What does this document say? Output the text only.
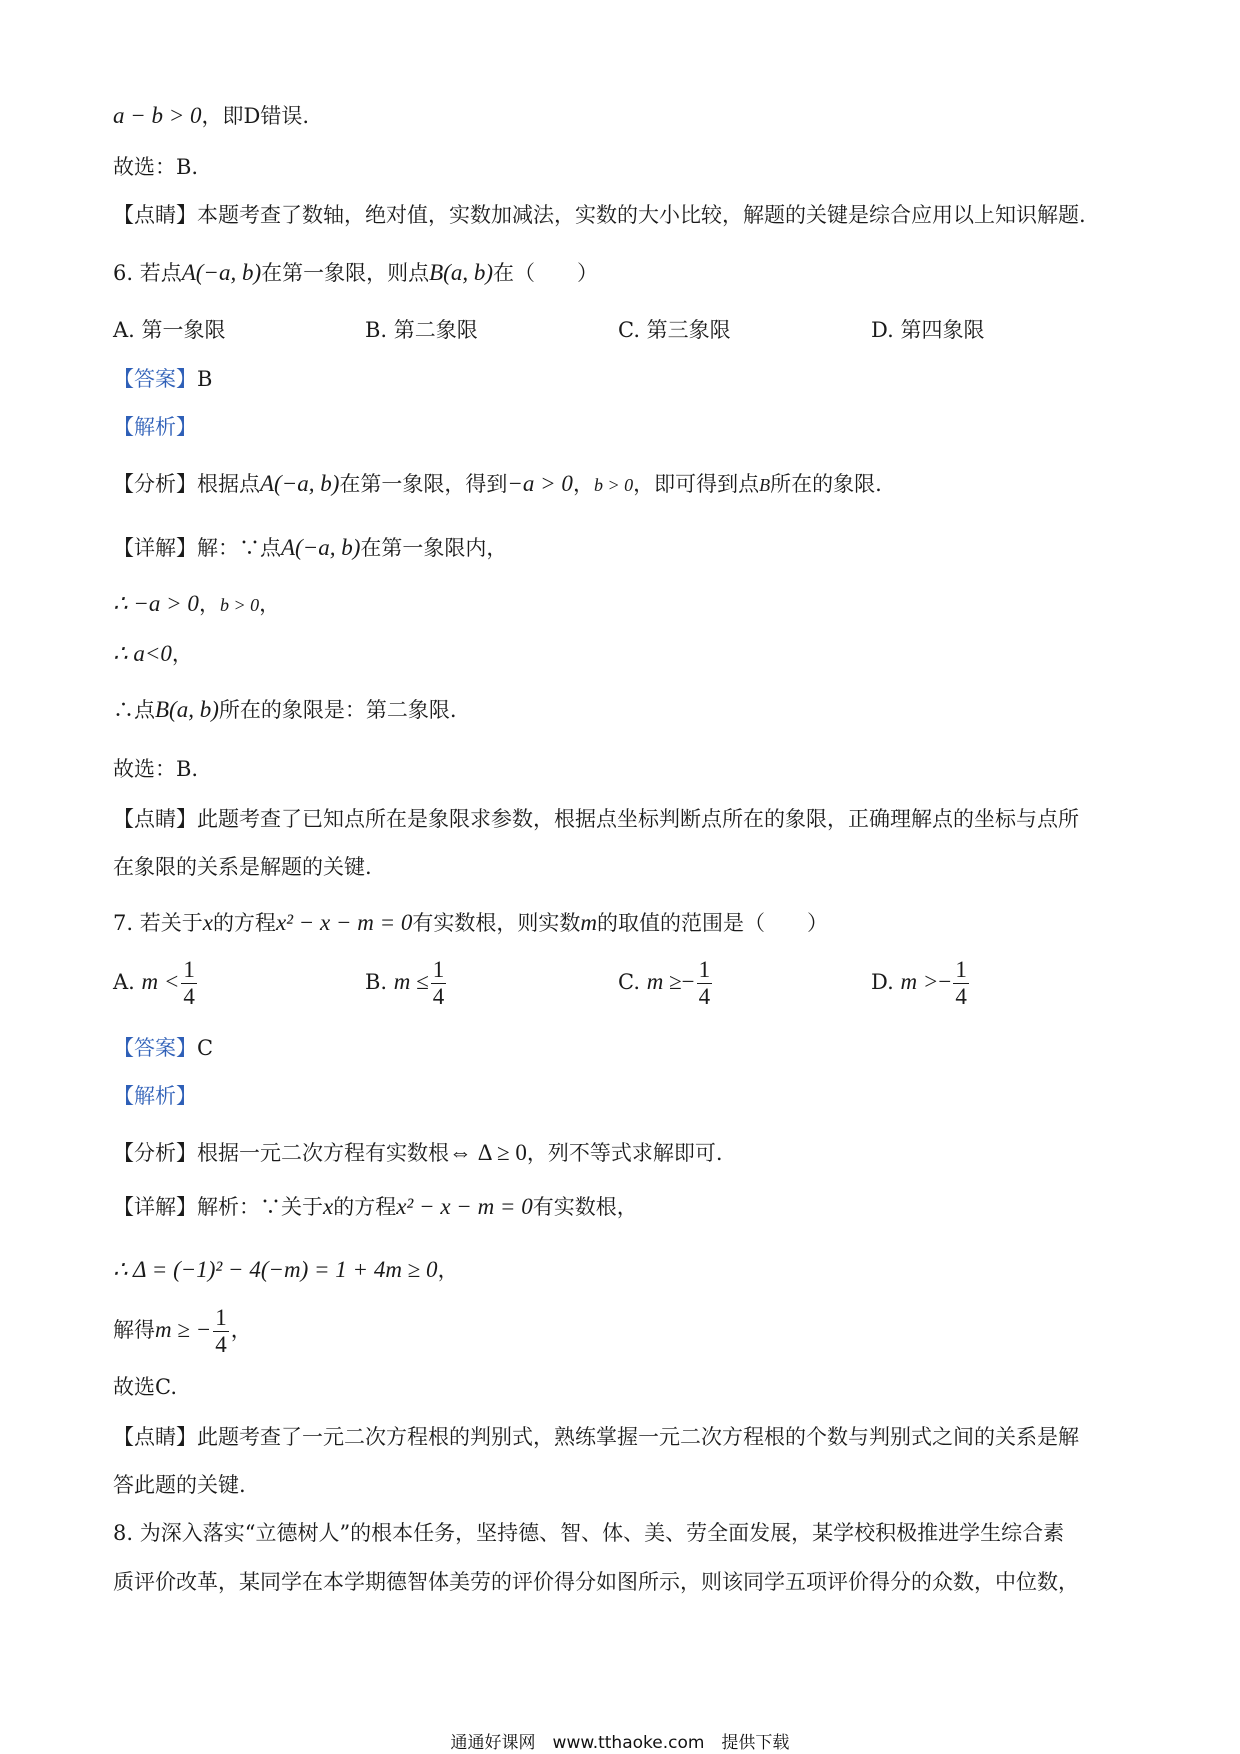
a − b > 0，即D错误.
故选：B.
【点睛】本题考查了数轴，绝对值，实数加减法，实数的大小比较，解题的关键是综合应用以上知识解题.
6. 若点A(−a, b)在第一象限，则点B(a, b)在（　　）
A. 第一象限	B. 第二象限	C. 第三象限	D. 第四象限
【答案】B
【解析】
【分析】根据点A(−a, b)在第一象限，得到−a > 0，b > 0，即可得到点B所在的象限.
【详解】解：∵点A(−a, b)在第一象限内，
∴ −a > 0，b > 0，
∴ a<0，
∴点B(a, b)所在的象限是：第二象限.
故选：B.
【点睛】此题考查了已知点所在是象限求参数，根据点坐标判断点所在的象限，正确理解点的坐标与点所
在象限的关系是解题的关键.
7. 若关于x的方程x² − x − m = 0有实数根，则实数m的取值的范围是（　　）
A. $m < \frac{1}{4}$	B. $m \le \frac{1}{4}$	C. $m \ge- \frac{1}{4}$	D. $m >- \frac{1}{4}$
【答案】C
【解析】
【分析】根据一元二次方程有实数根⇔ Δ ≥ 0，列不等式求解即可.
【详解】解析：∵关于x的方程x² − x − m = 0有实数根，
∴ Δ = (−1)² − 4(−m) = 1 + 4m ≥ 0，
解得m ≥ − $\frac{1}{4}$ ，
故选C.
【点睛】此题考查了一元二次方程根的判别式，熟练掌握一元二次方程根的个数与判别式之间的关系是解
答此题的关键.
8. 为深入落实“立德树人”的根本任务，坚持德、智、体、美、劳全面发展，某学校积极推进学生综合素
质评价改革，某同学在本学期德智体美劳的评价得分如图所示，则该同学五项评价得分的众数，中位数，
通通好课网　www.tthaoke.com　提供下载
